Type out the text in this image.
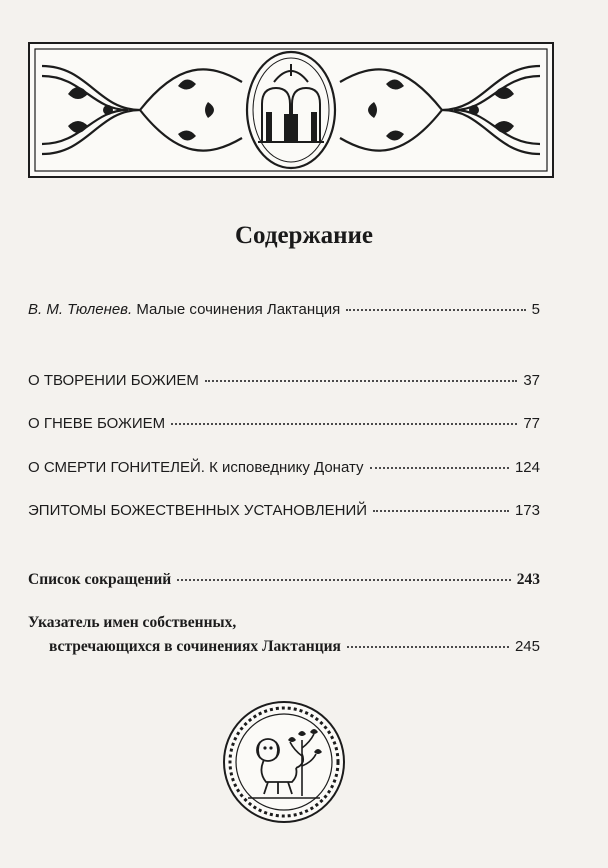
Содержание
В. М. Тюленев. Малые сочинения Лактанция	5
О ТВОРЕНИИ БОЖИЕМ	37
О ГНЕВЕ БОЖИЕМ	77
О СМЕРТИ ГОНИТЕЛЕЙ. К исповеднику Донату	124
ЭПИТОМЫ БОЖЕСТВЕННЫХ УСТАНОВЛЕНИЙ	173
Список сокращений	243
Указатель имен собственных,
встречающихся в сочинениях Лактанция	245
